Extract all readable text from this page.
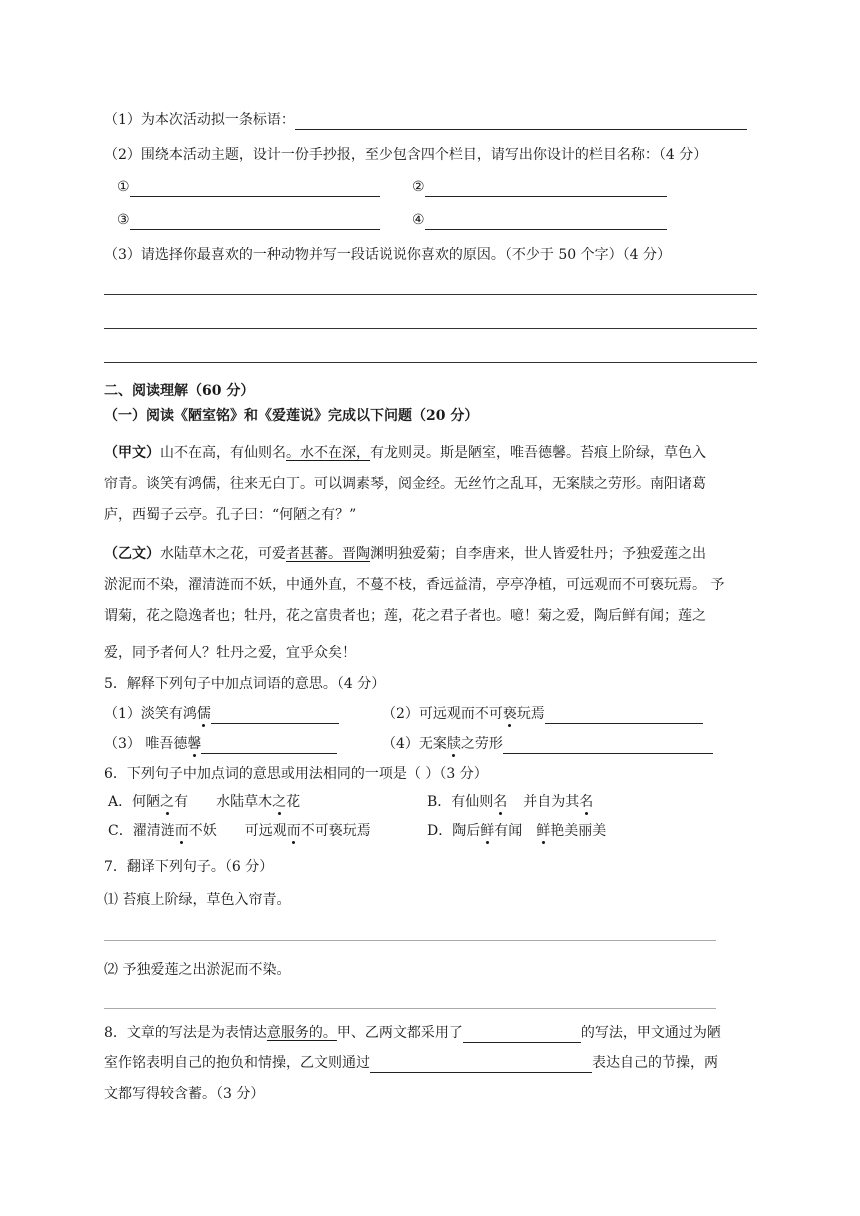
（1）为本次活动拟一条标语：
（2）围绕本活动主题，设计一份手抄报，至少包含四个栏目，请写出你设计的栏目名称：（4 分）
①	②
③	④
（3）请选择你最喜欢的一种动物并写一段话说说你喜欢的原因。（不少于 50 个字）（4 分）
二、阅读理解（60 分）
（一）阅读《陋室铭》和《爱莲说》完成以下问题（20 分）
（甲文）山不在高，有仙则名。水不在深，有龙则灵。斯是陋室，唯吾德馨。苔痕上阶绿，草色入
帘青。谈笑有鸿儒，往来无白丁。可以调素琴，阅金经。无丝竹之乱耳，无案牍之劳形。南阳诸葛
庐，西蜀子云亭。孔子曰：“何陋之有？”
（乙文）水陆草木之花，可爱者甚蕃。晋陶渊明独爱菊；自李唐来，世人皆爱牡丹；予独爱莲之出
淤泥而不染，濯清涟而不妖，中通外直，不蔓不枝，香远益清，亭亭净植，可远观而不可亵玩焉。 予
谓菊，花之隐逸者也；牡丹，花之富贵者也；莲，花之君子者也。噫！菊之爱，陶后鲜有闻；莲之
爱，同予者何人？牡丹之爱，宜乎众矣！
5．解释下列句子中加点词语的意思。（4 分）
（1）淡笑有鸿儒	（2）可远观而不可亵玩焉
（3） 唯吾德馨	（4）无案牍之劳形
6．下列句子中加点词的意思或用法相同的一项是（ ）（3 分）
A．何陋之有 水陆草木之花	B．有仙则名 并自为其名
C．濯清涟而不妖 可远观而不可亵玩焉	D．陶后鲜有闻 鲜艳美丽美
7．翻译下列句子。（6 分）
⑴ 苔痕上阶绿，草色入帘青。
⑵ 予独爱莲之出淤泥而不染。
8．文章的写法是为表情达意服务的。甲、乙两文都采用了	的写法，甲文通过为陋
室作铭表明自己的抱负和情操，乙文则通过	表达自己的节操，两
文都写得较含蓄。（3 分）
